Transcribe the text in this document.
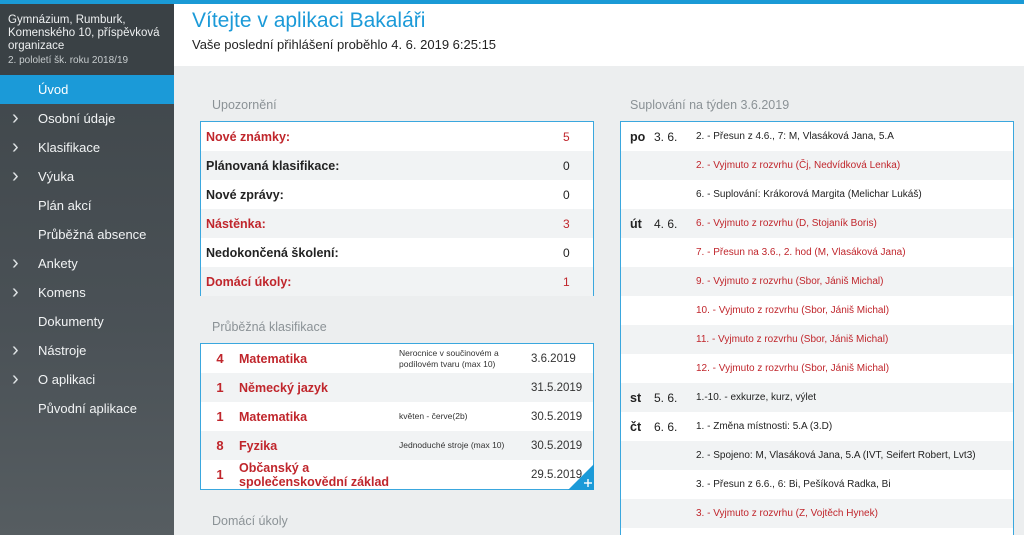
Gymnázium, Rumburk, Komenského 10, příspěvková organizace
2. pololetí šk. roku 2018/19
Úvod
› Osobní údaje
› Klasifikace
› Výuka
Plán akcí
Průběžná absence
› Ankety
› Komens
Dokumenty
› Nástroje
› O aplikaci
Původní aplikace
Vítejte v aplikaci Bakaláři
Vaše poslední přihlášení proběhlo 4. 6. 2019 6:25:15
Upozornění
Nové známky:	5
Plánovaná klasifikace:	0
Nové zprávy:	0
Nástěnka:	3
Nedokončená školení:	0
Domácí úkoly:	1
Průběžná klasifikace
4	Matematika	Nerocnice v součinovém a podílovém tvaru (max 10)	3.6.2019
1	Německý jazyk	31.5.2019
1	Matematika	květen - červe(2b)	30.5.2019
8	Fyzika	Jednoduché stroje (max 10)	30.5.2019
1	Občanský a společenskovědní základ	29.5.2019
Domácí úkoly
Suplování na týden 3.6.2019
po 3. 6.	2. - Přesun z 4.6., 7: M, Vlasáková Jana, 5.A
2. - Vyjmuto z rozvrhu (Čj, Nedvídková Lenka)
6. - Suplování: Krákorová Margita (Melichar Lukáš)
út	4. 6.	6. - Vyjmuto z rozvrhu (D, Stojaník Boris)
7. - Přesun na 3.6., 2. hod (M, Vlasáková Jana)
9. - Vyjmuto z rozvrhu (Sbor, Jániš Michal)
10. - Vyjmuto z rozvrhu (Sbor, Jániš Michal)
11. - Vyjmuto z rozvrhu (Sbor, Jániš Michal)
12. - Vyjmuto z rozvrhu (Sbor, Jániš Michal)
st	5. 6.	1.-10. - exkurze, kurz, výlet
čt	6. 6.	1. - Změna místnosti: 5.A (3.D)
2. - Spojeno: M, Vlasáková Jana, 5.A (IVT, Seifert Robert, Lvt3)
3. - Přesun z 6.6., 6: Bi, Pešíková Radka, Bi
3. - Vyjmuto z rozvrhu (Z, Vojtěch Hynek)
